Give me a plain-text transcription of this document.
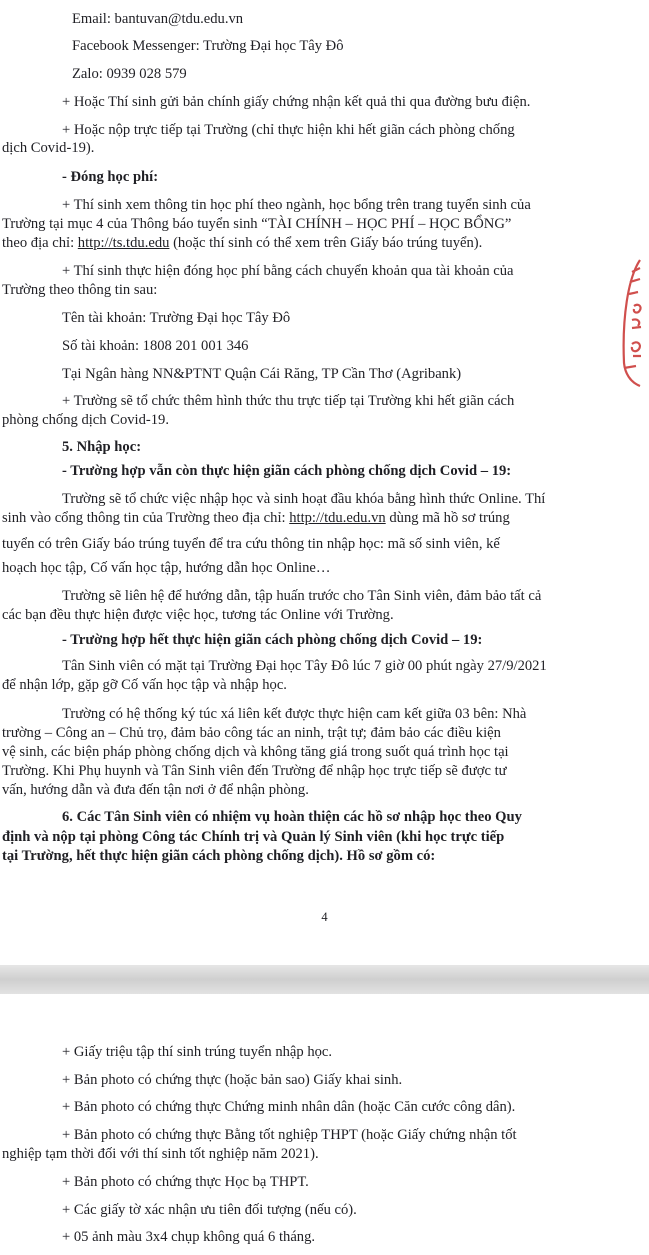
Email: bantuvan@tdu.edu.vn
Facebook Messenger: Trường Đại học Tây Đô
Zalo: 0939 028 579
+ Hoặc Thí sinh gửi bản chính giấy chứng nhận kết quả thi qua đường bưu điện.
+ Hoặc nộp trực tiếp tại Trường (chỉ thực hiện khi hết giãn cách phòng chống
dịch Covid-19).
- Đóng học phí:
+ Thí sinh xem thông tin học phí theo ngành, học bổng trên trang tuyển sinh của
Trường tại mục 4 của Thông báo tuyển sinh “TÀI CHÍNH – HỌC PHÍ – HỌC BỔNG”
theo địa chỉ: http://ts.tdu.edu (hoặc thí sinh có thể xem trên Giấy báo trúng tuyển).
+ Thí sinh thực hiện đóng học phí bằng cách chuyển khoản qua tài khoản của
Trường theo thông tin sau:
Tên tài khoản: Trường Đại học Tây Đô
Số tài khoản: 1808 201 001 346
Tại Ngân hàng NN&PTNT Quận Cái Răng, TP Cần Thơ (Agribank)
+ Trường sẽ tổ chức thêm hình thức thu trực tiếp tại Trường khi hết giãn cách
phòng chống dịch Covid-19.
5. Nhập học:
- Trường hợp vẫn còn thực hiện giãn cách phòng chống dịch Covid – 19:
Trường sẽ tổ chức việc nhập học và sinh hoạt đầu khóa bằng hình thức Online. Thí
sinh vào cổng thông tin của Trường theo địa chỉ: http://tdu.edu.vn dùng mã hồ sơ trúng
tuyển có trên Giấy báo trúng tuyển để tra cứu thông tin nhập học: mã số sinh viên, kế
hoạch học tập, Cố vấn học tập, hướng dẫn học Online…
Trường sẽ liên hệ để hướng dẫn, tập huấn trước cho Tân Sinh viên, đảm bảo tất cả
các bạn đều thực hiện được việc học, tương tác Online với Trường.
- Trường hợp hết thực hiện giãn cách phòng chống dịch Covid – 19:
Tân Sinh viên có mặt tại Trường Đại học Tây Đô lúc 7 giờ 00 phút ngày 27/9/2021
để nhận lớp, gặp gỡ Cố vấn học tập và nhập học.
Trường có hệ thống ký túc xá liên kết được thực hiện cam kết giữa 03 bên: Nhà
trường – Công an – Chủ trọ, đảm bảo công tác an ninh, trật tự; đảm bảo các điều kiện
vệ sinh, các biện pháp phòng chống dịch và không tăng giá trong suốt quá trình học tại
Trường. Khi Phụ huynh và Tân Sinh viên đến Trường để nhập học trực tiếp sẽ được tư
vấn, hướng dẫn và đưa đến tận nơi ở để nhận phòng.
6. Các Tân Sinh viên có nhiệm vụ hoàn thiện các hồ sơ nhập học theo Quy
định và nộp tại phòng Công tác Chính trị và Quản lý Sinh viên (khi học trực tiếp
tại Trường, hết thực hiện giãn cách phòng chống dịch). Hồ sơ gồm có:
+ Giấy triệu tập thí sinh trúng tuyển nhập học.
+ Bản photo có chứng thực (hoặc bản sao) Giấy khai sinh.
+ Bản photo có chứng thực Chứng minh nhân dân (hoặc Căn cước công dân).
+ Bản photo có chứng thực Bằng tốt nghiệp THPT (hoặc Giấy chứng nhận tốt
nghiệp tạm thời đối với thí sinh tốt nghiệp năm 2021).
+ Bản photo có chứng thực Học bạ THPT.
+ Các giấy tờ xác nhận ưu tiên đối tượng (nếu có).
+ 05 ảnh màu 3x4 chụp không quá 6 tháng.
4
